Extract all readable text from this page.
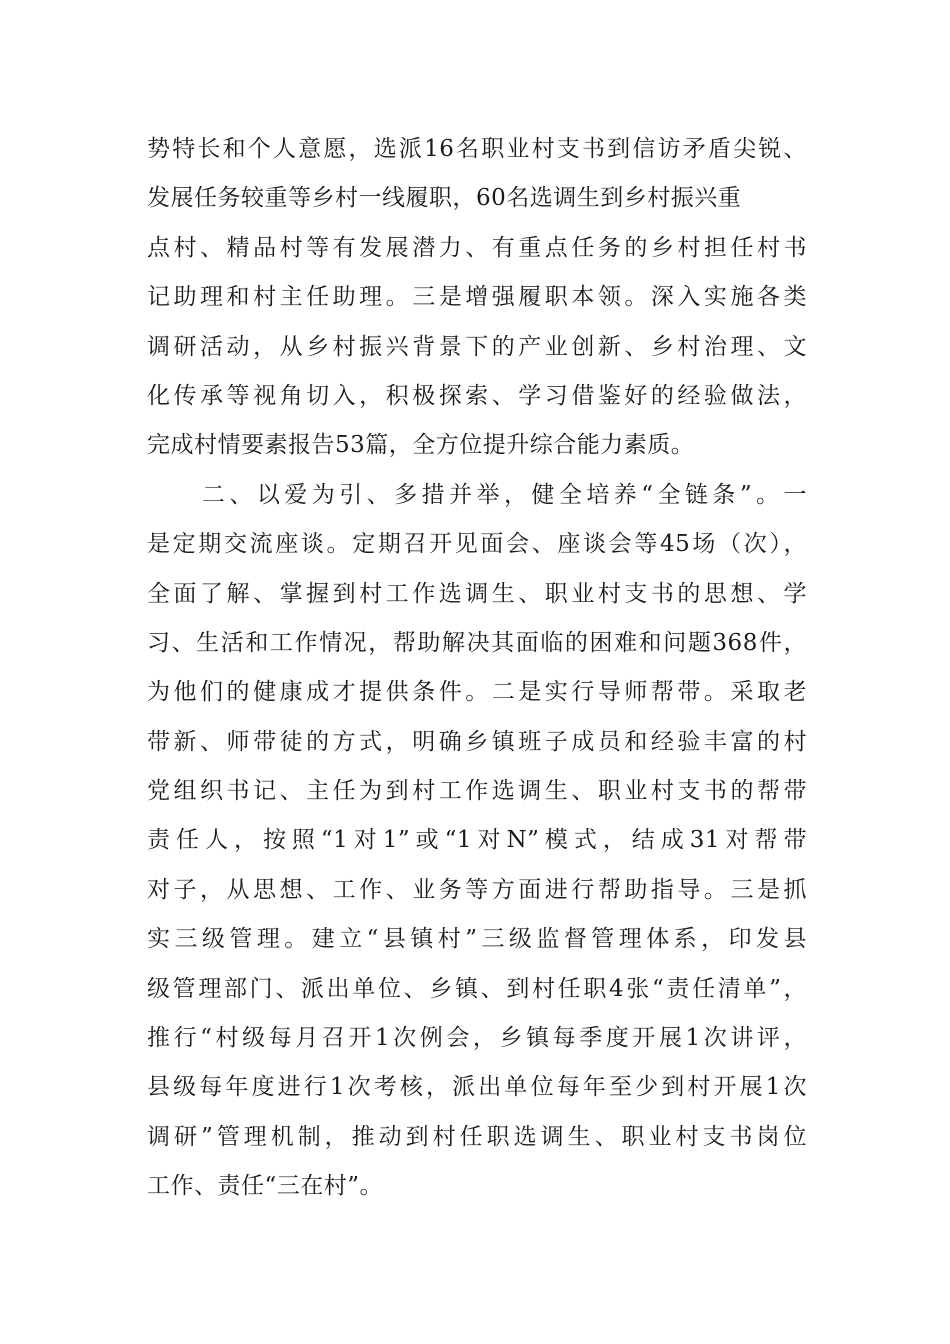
势特长和个人意愿，选派16名职业村支书到信访矛盾尖锐、
发展任务较重等乡村一线履职，60名选调生到乡村振兴重
点村、精品村等有发展潜力、有重点任务的乡村担任村书
记助理和村主任助理。三是增强履职本领。深入实施各类
调研活动，从乡村振兴背景下的产业创新、乡村治理、文
化传承等视角切入，积极探索、学习借鉴好的经验做法，
完成村情要素报告53篇，全方位提升综合能力素质。
　　二、以爱为引、多措并举，健全培养“全链条”。一
是定期交流座谈。定期召开见面会、座谈会等45场（次），
全面了解、掌握到村工作选调生、职业村支书的思想、学
习、生活和工作情况，帮助解决其面临的困难和问题368件，
为他们的健康成才提供条件。二是实行导师帮带。采取老
带新、师带徒的方式，明确乡镇班子成员和经验丰富的村
党组织书记、主任为到村工作选调生、职业村支书的帮带
责任人，按照“1对1”或“1对N”模式，结成31对帮带
对子，从思想、工作、业务等方面进行帮助指导。三是抓
实三级管理。建立“县镇村”三级监督管理体系，印发县
级管理部门、派出单位、乡镇、到村任职4张“责任清单”，
推行“村级每月召开1次例会，乡镇每季度开展1次讲评，
县级每年度进行1次考核，派出单位每年至少到村开展1次
调研”管理机制，推动到村任职选调生、职业村支书岗位
工作、责任“三在村”。
